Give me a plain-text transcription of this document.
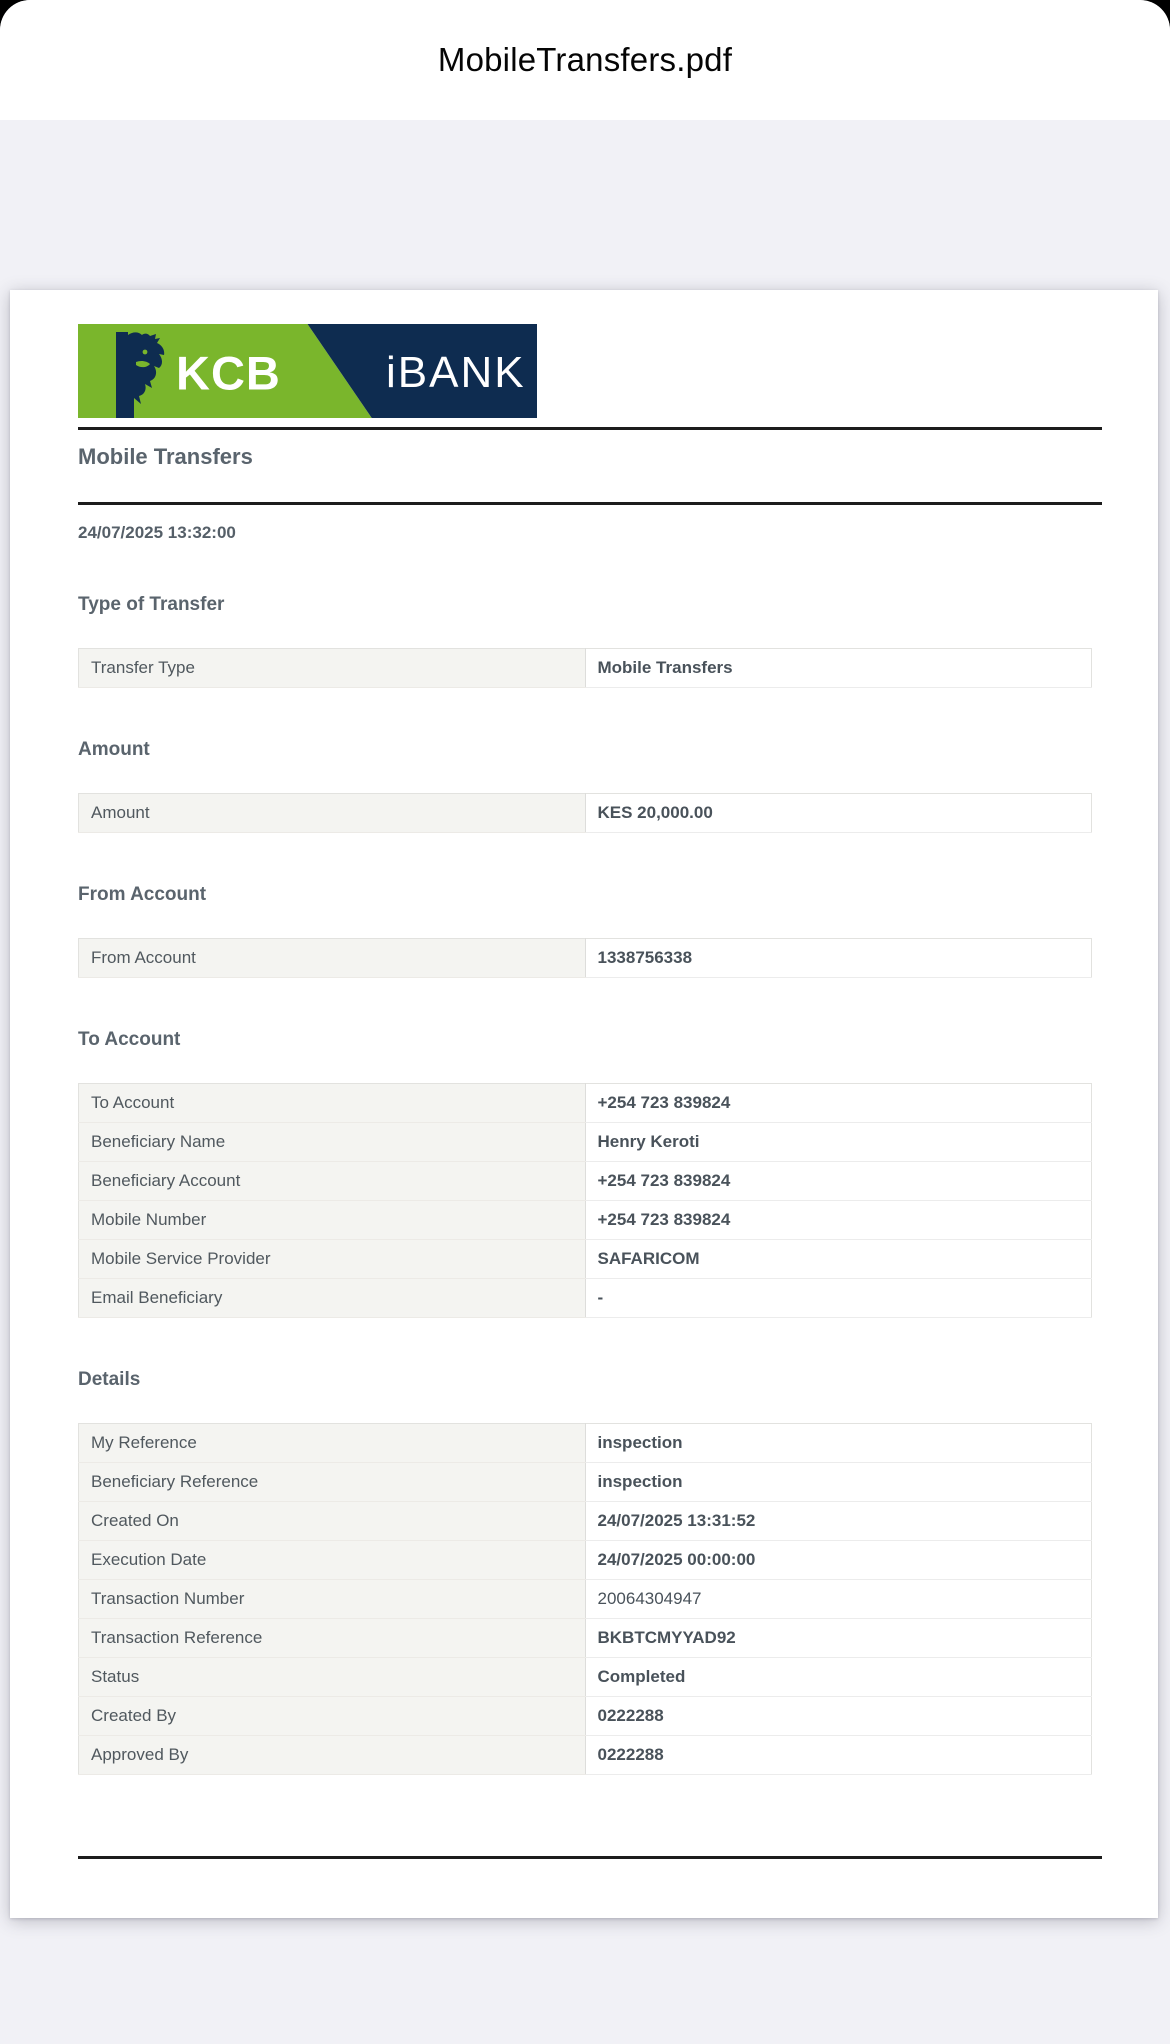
MobileTransfers.pdf
KCB iBANK
Mobile Transfers
24/07/2025 13:32:00
Type of Transfer
Transfer Type	Mobile Transfers
Amount
Amount	KES 20,000.00
From Account
From Account	1338756338
To Account
To Account	+254 723 839824
Beneficiary Name	Henry Keroti
Beneficiary Account	+254 723 839824
Mobile Number	+254 723 839824
Mobile Service Provider	SAFARICOM
Email Beneficiary	-
Details
My Reference	inspection
Beneficiary Reference	inspection
Created On	24/07/2025 13:31:52
Execution Date	24/07/2025 00:00:00
Transaction Number	20064304947
Transaction Reference	BKBTCMYYAD92
Status	Completed
Created By	0222288
Approved By	0222288
